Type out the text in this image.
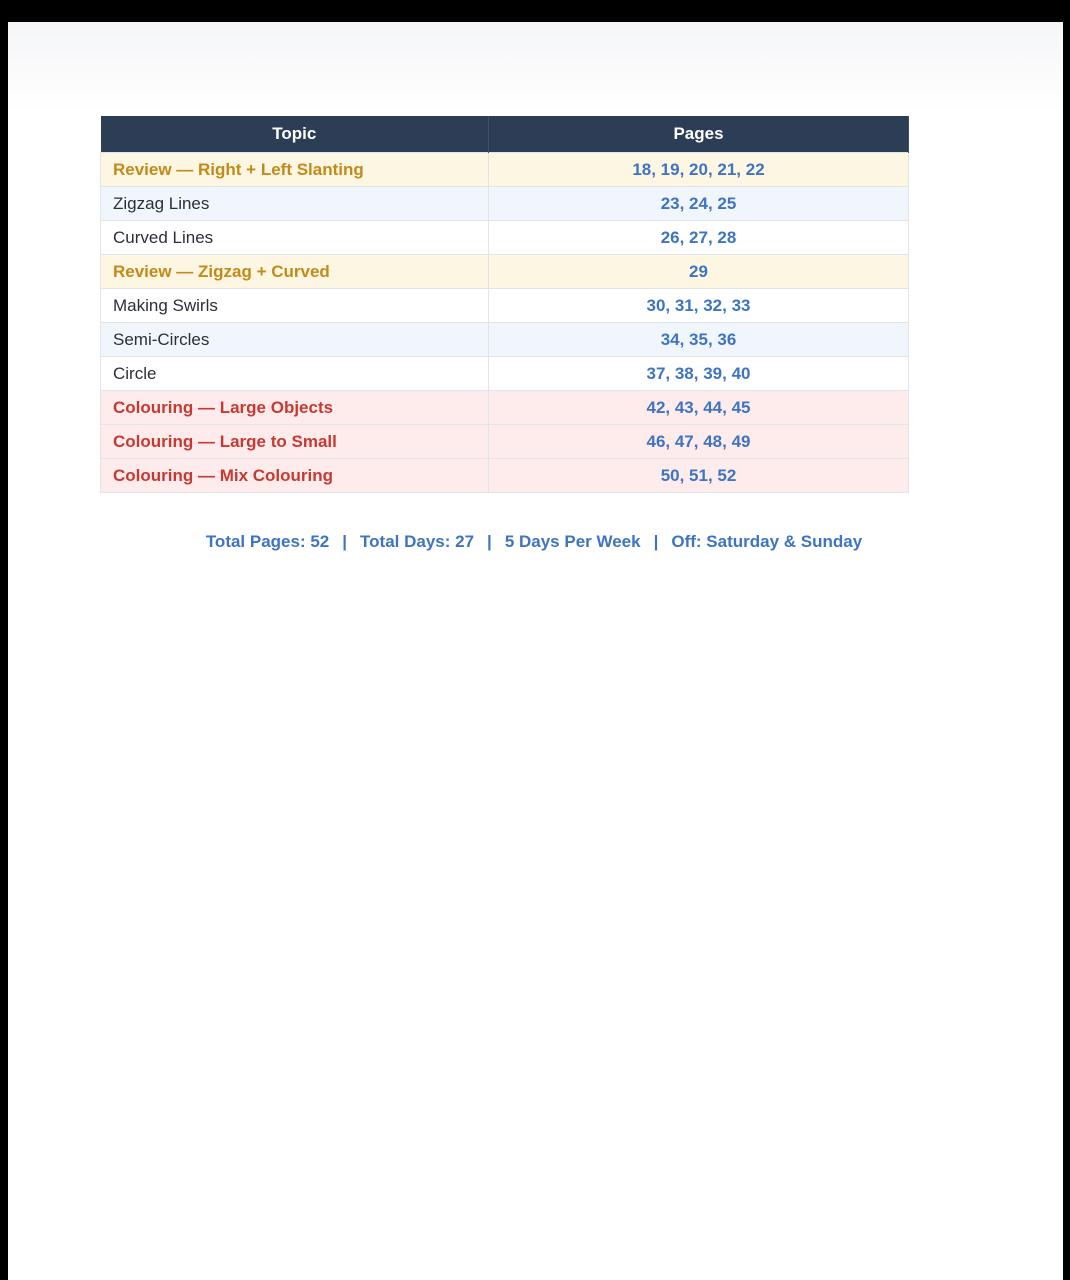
Topic	Pages
Review — Right + Left Slanting	18, 19, 20, 21, 22
Zigzag Lines	23, 24, 25
Curved Lines	26, 27, 28
Review — Zigzag + Curved	29
Making Swirls	30, 31, 32, 33
Semi-Circles	34, 35, 36
Circle	37, 38, 39, 40
Colouring — Large Objects	42, 43, 44, 45
Colouring — Large to Small	46, 47, 48, 49
Colouring — Mix Colouring	50, 51, 52
Total Pages: 52 | Total Days: 27 | 5 Days Per Week | Off: Saturday & Sunday
